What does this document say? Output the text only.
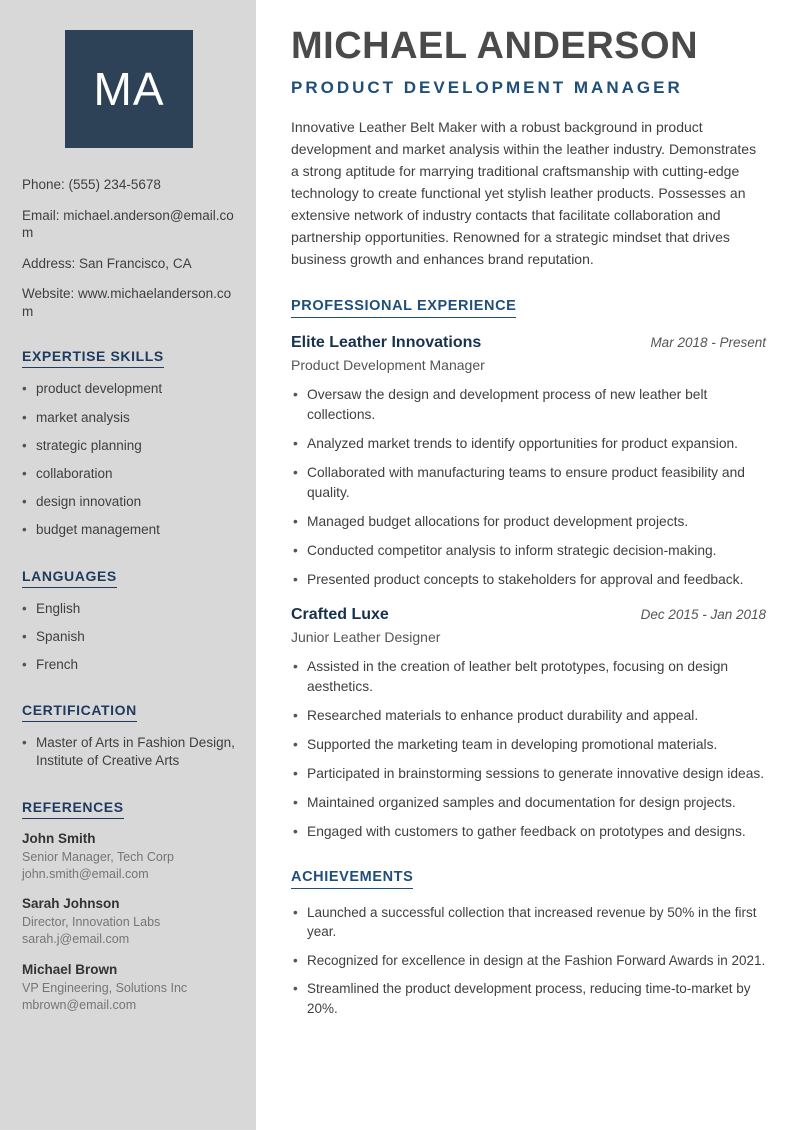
MA
Phone: (555) 234-5678
Email: michael.anderson@email.com
Address: San Francisco, CA
Website: www.michaelanderson.com
EXPERTISE SKILLS
• product development
• market analysis
• strategic planning
• collaboration
• design innovation
• budget management
LANGUAGES
• English
• Spanish
• French
CERTIFICATION
• Master of Arts in Fashion Design, Institute of Creative Arts
REFERENCES
John Smith
Senior Manager, Tech Corp
john.smith@email.com
Sarah Johnson
Director, Innovation Labs
sarah.j@email.com
Michael Brown
VP Engineering, Solutions Inc
mbrown@email.com
MICHAEL ANDERSON
PRODUCT DEVELOPMENT MANAGER

Innovative Leather Belt Maker with a robust background in product development and market analysis within the leather industry. Demonstrates a strong aptitude for marrying traditional craftsmanship with cutting-edge technology to create functional yet stylish leather products. Possesses an extensive network of industry contacts that facilitate collaboration and partnership opportunities. Renowned for a strategic mindset that drives business growth and enhances brand reputation.

PROFESSIONAL EXPERIENCE
Elite Leather Innovations	Mar 2018 - Present
Product Development Manager
• Oversaw the design and development process of new leather belt collections.
• Analyzed market trends to identify opportunities for product expansion.
• Collaborated with manufacturing teams to ensure product feasibility and quality.
• Managed budget allocations for product development projects.
• Conducted competitor analysis to inform strategic decision-making.
• Presented product concepts to stakeholders for approval and feedback.
Crafted Luxe	Dec 2015 - Jan 2018
Junior Leather Designer
• Assisted in the creation of leather belt prototypes, focusing on design aesthetics.
• Researched materials to enhance product durability and appeal.
• Supported the marketing team in developing promotional materials.
• Participated in brainstorming sessions to generate innovative design ideas.
• Maintained organized samples and documentation for design projects.
• Engaged with customers to gather feedback on prototypes and designs.
ACHIEVEMENTS
• Launched a successful collection that increased revenue by 50% in the first year.
• Recognized for excellence in design at the Fashion Forward Awards in 2021.
• Streamlined the product development process, reducing time-to-market by 20%.
